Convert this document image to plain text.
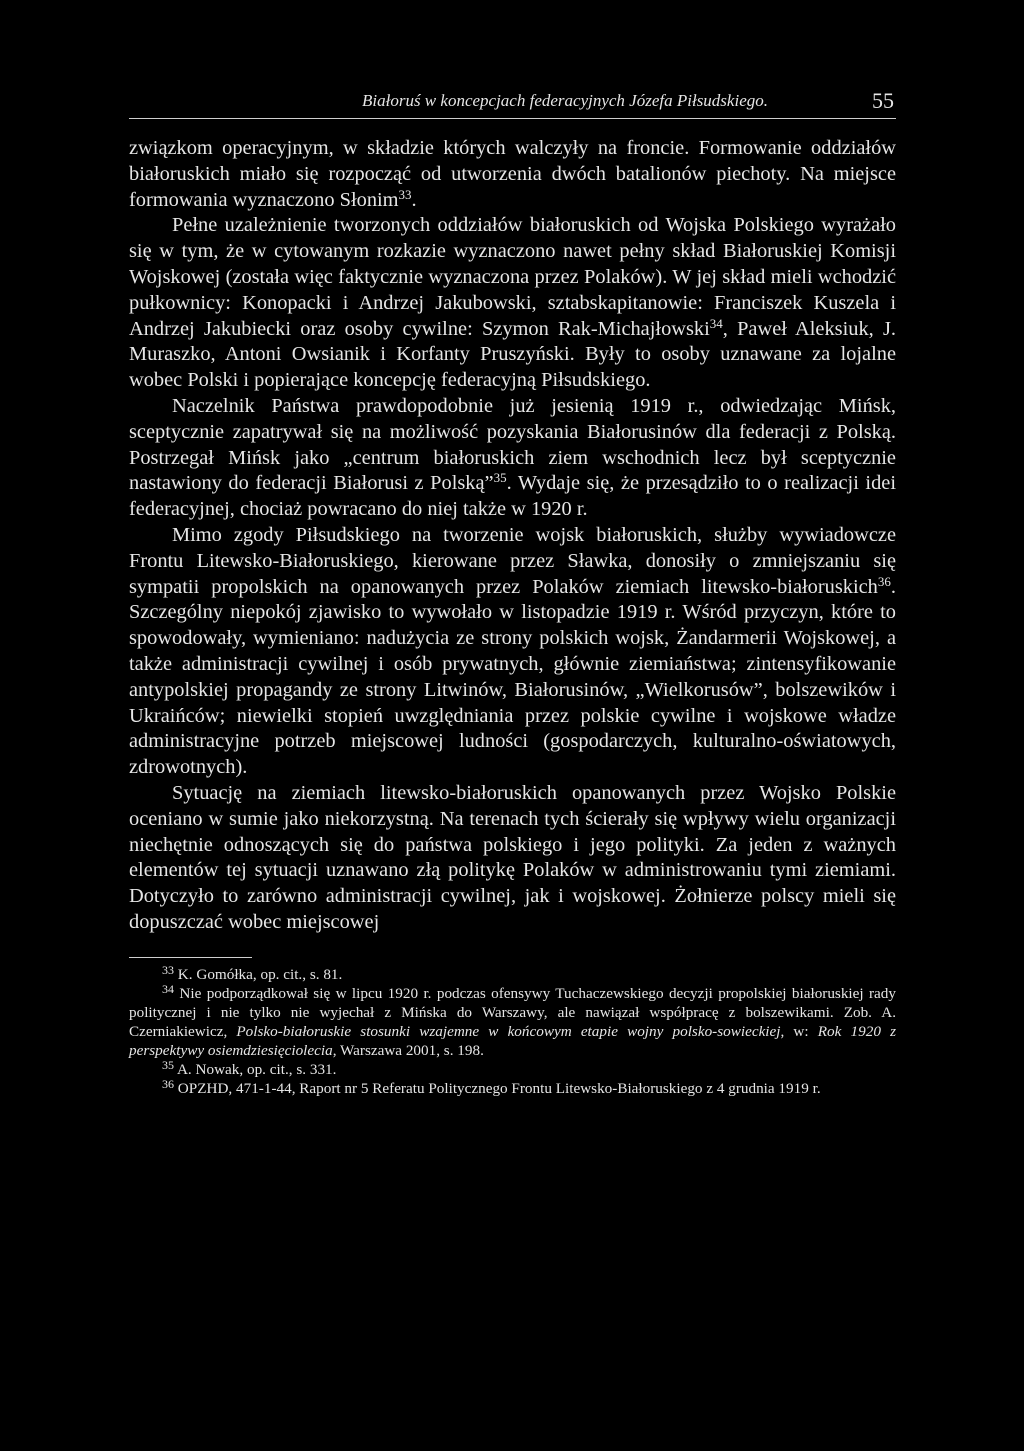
Białoruś w koncepcjach federacyjnych Józefa Piłsudskiego.	55

związkom operacyjnym, w składzie których walczyły na froncie. Formowanie oddziałów białoruskich miało się rozpocząć od utworzenia dwóch batalionów piechoty. Na miejsce formowania wyznaczono Słonim$^{33}$.

Pełne uzależnienie tworzonych oddziałów białoruskich od Wojska Polskiego wyrażało się w tym, że w cytowanym rozkazie wyznaczono nawet pełny skład Białoruskiej Komisji Wojskowej (została więc faktycznie wyznaczona przez Polaków). W jej skład mieli wchodzić pułkownicy: Konopacki i Andrzej Jakubowski, sztabskapitanowie: Franciszek Kuszela i Andrzej Jakubiecki oraz osoby cywilne: Szymon Rak-Michajłowski$^{34}$, Paweł Aleksiuk, J. Muraszko, Antoni Owsianik i Korfanty Pruszyński. Były to osoby uznawane za lojalne wobec Polski i popierające koncepcję federacyjną Piłsudskiego.

Naczelnik Państwa prawdopodobnie już jesienią 1919 r., odwiedzając Mińsk, sceptycznie zapatrywał się na możliwość pozyskania Białorusinów dla federacji z Polską. Postrzegał Mińsk jako „centrum białoruskich ziem wschodnich lecz był sceptycznie nastawiony do federacji Białorusi z Polską”$^{35}$. Wydaje się, że przesądziło to o realizacji idei federacyjnej, chociaż powracano do niej także w 1920 r.

Mimo zgody Piłsudskiego na tworzenie wojsk białoruskich, służby wywiadowcze Frontu Litewsko-Białoruskiego, kierowane przez Sławka, donosiły o zmniejszaniu się sympatii propolskich na opanowanych przez Polaków ziemiach litewsko-białoruskich$^{36}$. Szczególny niepokój zjawisko to wywołało w listopadzie 1919 r. Wśród przyczyn, które to spowodowały, wymieniano: nadużycia ze strony polskich wojsk, Żandarmerii Wojskowej, a także administracji cywilnej i osób prywatnych, głównie ziemiaństwa; zintensyfikowanie antypolskiej propagandy ze strony Litwinów, Białorusinów, „Wielkorusów”, bolszewików i Ukraińców; niewielki stopień uwzględniania przez polskie cywilne i wojskowe władze administracyjne potrzeb miejscowej ludności (gospodarczych, kulturalno-oświatowych, zdrowotnych).

Sytuację na ziemiach litewsko-białoruskich opanowanych przez Wojsko Polskie oceniano w sumie jako niekorzystną. Na terenach tych ścierały się wpływy wielu organizacji niechętnie odnoszących się do państwa polskiego i jego polityki. Za jeden z ważnych elementów tej sytuacji uznawano złą politykę Polaków w administrowaniu tymi ziemiami. Dotyczyło to zarówno administracji cywilnej, jak i wojskowej. Żołnierze polscy mieli się dopuszczać wobec miejscowej

$^{33}$ K. Gomółka, op. cit., s. 81.

$^{34}$ Nie podporządkował się w lipcu 1920 r. podczas ofensywy Tuchaczewskiego decyzji propolskiej białoruskiej rady politycznej i nie tylko nie wyjechał z Mińska do Warszawy, ale nawiązał współpracę z bolszewikami. Zob. A. Czerniakiewicz, Polsko-białoruskie stosunki wzajemne w końcowym etapie wojny polsko-sowieckiej, w: Rok 1920 z perspektywy osiemdziesięciolecia, Warszawa 2001, s. 198.

$^{35}$ A. Nowak, op. cit., s. 331.

$^{36}$ OPZHD, 471-1-44, Raport nr 5 Referatu Politycznego Frontu Litewsko-Białoruskiego z 4 grudnia 1919 r.
